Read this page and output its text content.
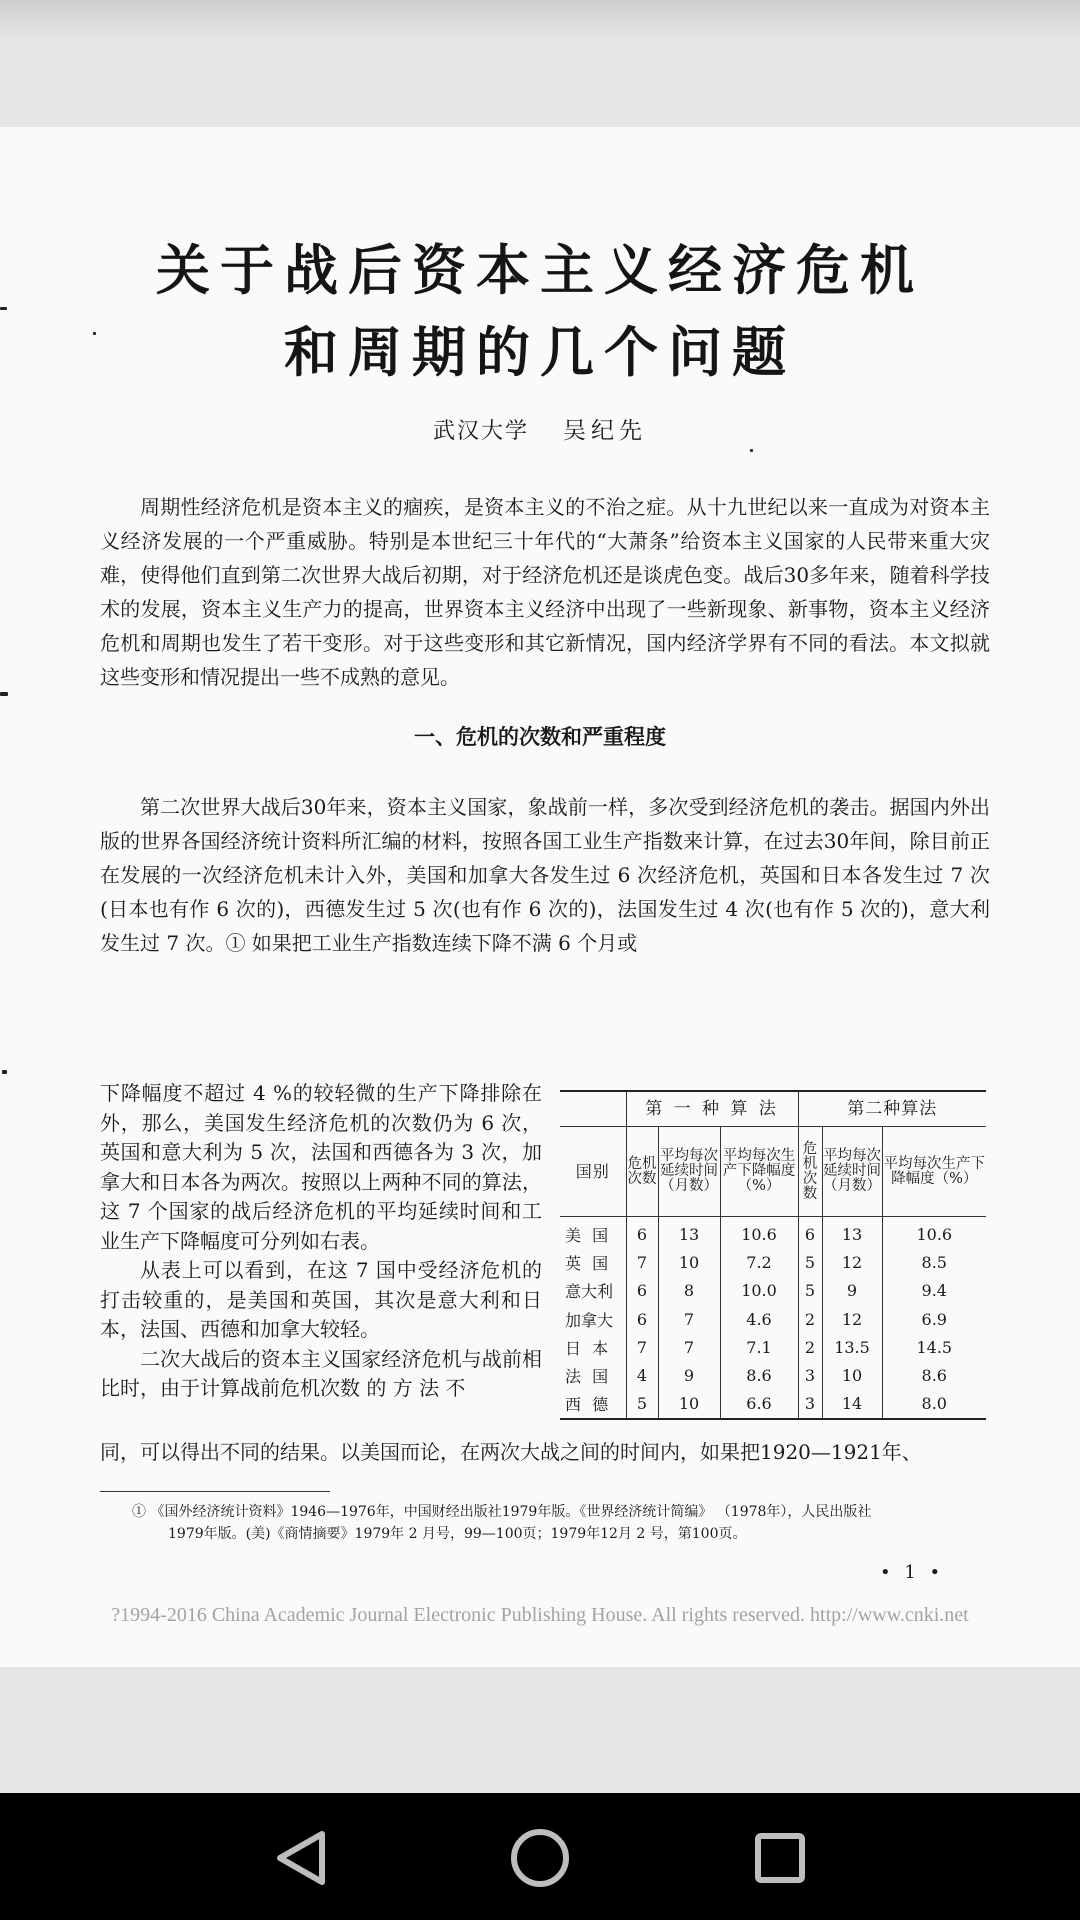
关于战后资本主义经济危机
和周期的几个问题
武汉大学 吴纪先
周期性经济危机是资本主义的痼疾，是资本主义的不治之症。从十九世纪以来一直成为对资本主义经济发展的一个严重威胁。特别是本世纪三十年代的“大萧条”给资本主义国家的人民带来重大灾难，使得他们直到第二次世界大战后初期，对于经济危机还是谈虎色变。战后30多年来，随着科学技术的发展，资本主义生产力的提高，世界资本主义经济中出现了一些新现象、新事物，资本主义经济危机和周期也发生了若干变形。对于这些变形和其它新情况，国内经济学界有不同的看法。本文拟就这些变形和情况提出一些不成熟的意见。
一、危机的次数和严重程度
第二次世界大战后30年来，资本主义国家，象战前一样，多次受到经济危机的袭击。据国内外出版的世界各国经济统计资料所汇编的材料，按照各国工业生产指数来计算，在过去30年间，除目前正在发展的一次经济危机未计入外，美国和加拿大各发生过 6 次经济危机，英国和日本各发生过 7 次(日本也有作 6 次的)，西德发生过 5 次(也有作 6 次的)，法国发生过 4 次(也有作 5 次的)，意大利发生过 7 次。① 如果把工业生产指数连续下降不满 6 个月或

下降幅度不超过 4 %的较轻微的生产下降排除在外，那么，美国发生经济危机的次数仍为 6 次，英国和意大利为 5 次，法国和西德各为 3 次，加拿大和日本各为两次。按照以上两种不同的算法，这 7 个国家的战后经济危机的平均延续时间和工业生产下降幅度可分列如右表。

从表上可以看到，在这 7 国中受经济危机的打击较重的，是美国和英国，其次是意大利和日本，法国、西德和加拿大较轻。

二次大战后的资本主义国家经济危机与战前相比时，由于计算战前危机次数 的 方 法 不

	第 一 种 算 法			第二种算法		
国别	危机次数	平均每次延续时间（月数）	平均每次生产下降幅度（%）	危机次数	平均每次延续时间（月数）	平均每次生产下降幅度（%）
美 国	6	13	10.6	6	13	10.6
英 国	7	10	7.2	5	12	8.5
意大利	6	8	10.0	5	9	9.4
加拿大	6	7	4.6	2	12	6.9
日 本	7	7	7.1	2	13.5	14.5
法 国	4	9	8.6	3	10	8.6
西 德	5	10	6.6	3	14	8.0
同，可以得出不同的结果。以美国而论，在两次大战之间的时间内，如果把1920—1921年、
① 《国外经济统计资料》1946—1976年，中国财经出版社1979年版。《世界经济统计简编》 （1978年），人民出版社
1979年版。(美)《商情摘要》1979年 2 月号，99—100页；1979年12月 2 号，第100页。
• 1 •
?1994-2016 China Academic Journal Electronic Publishing House. All rights reserved. http://www.cnki.net
